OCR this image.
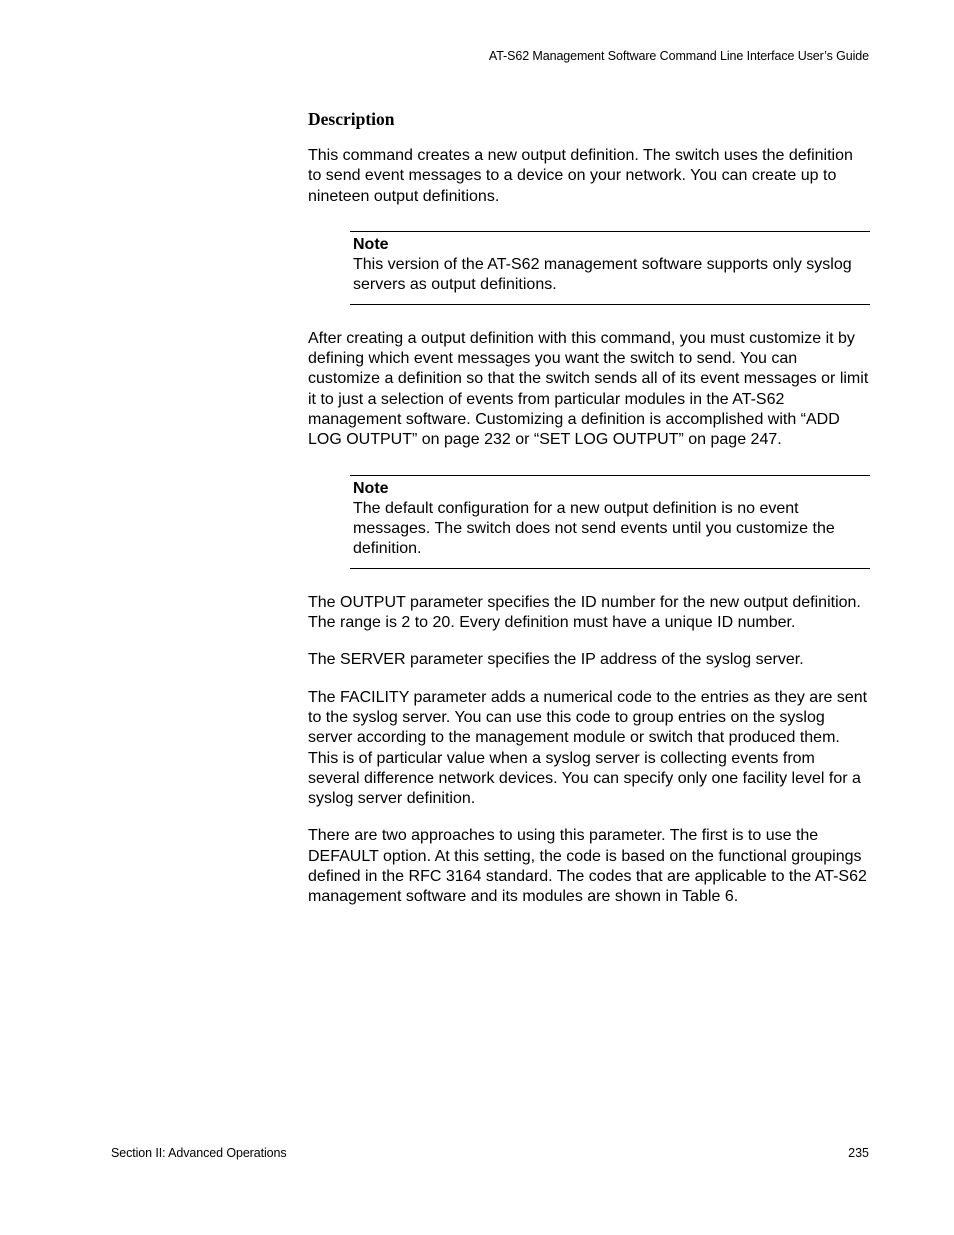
AT-S62 Management Software Command Line Interface User’s Guide
Description

This command creates a new output definition. The switch uses the definition to send event messages to a device on your network. You can create up to nineteen output definitions.

Note
This version of the AT-S62 management software supports only syslog servers as output definitions.

After creating a output definition with this command, you must customize it by defining which event messages you want the switch to send. You can customize a definition so that the switch sends all of its event messages or limit it to just a selection of events from particular modules in the AT-S62 management software. Customizing a definition is accomplished with “ADD LOG OUTPUT” on page 232 or “SET LOG OUTPUT” on page 247.

Note
The default configuration for a new output definition is no event messages. The switch does not send events until you customize the definition.

The OUTPUT parameter specifies the ID number for the new output definition. The range is 2 to 20. Every definition must have a unique ID number.

The SERVER parameter specifies the IP address of the syslog server.

The FACILITY parameter adds a numerical code to the entries as they are sent to the syslog server. You can use this code to group entries on the syslog server according to the management module or switch that produced them. This is of particular value when a syslog server is collecting events from several difference network devices. You can specify only one facility level for a syslog server definition.

There are two approaches to using this parameter. The first is to use the DEFAULT option. At this setting, the code is based on the functional groupings defined in the RFC 3164 standard. The codes that are applicable to the AT-S62 management software and its modules are shown in Table 6.

Section II: Advanced Operations	235
